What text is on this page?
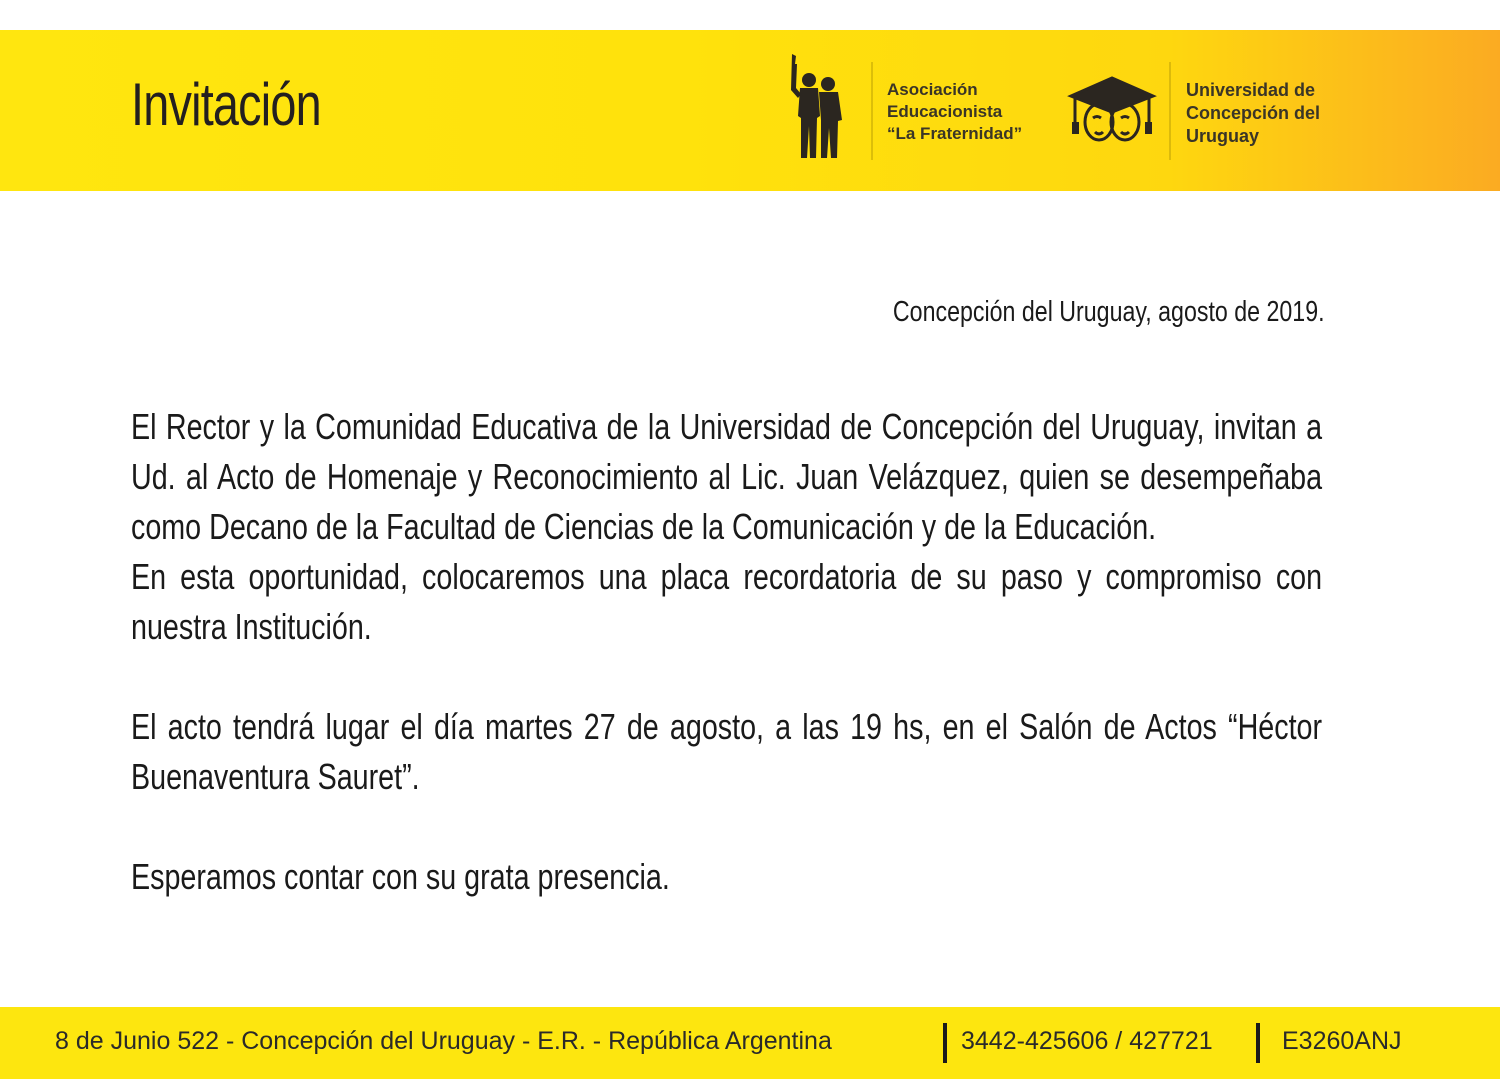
Invitación	Asociación
Educacionista
“La Fraternidad”
Universidad de
Concepción del
Uruguay
Concepción del Uruguay, agosto de 2019.

El Rector y la Comunidad Educativa de la Universidad de Concepción del Uruguay, invitan a Ud. al Acto de Homenaje y Reconocimiento al Lic. Juan Velázquez, quien se desempeñaba como Decano de la Facultad de Ciencias de la Comunicación y de la Educación.

En esta oportunidad, colocaremos una placa recordatoria de su paso y compromiso con nuestra Institución.

El acto tendrá lugar el día martes 27 de agosto, a las 19 hs, en el Salón de Actos “Héctor Buenaventura Sauret”.

Esperamos contar con su grata presencia.

8 de Junio 522 - Concepción del Uruguay - E.R. - República Argentina	3442-425606 / 427721	E3260ANJ
